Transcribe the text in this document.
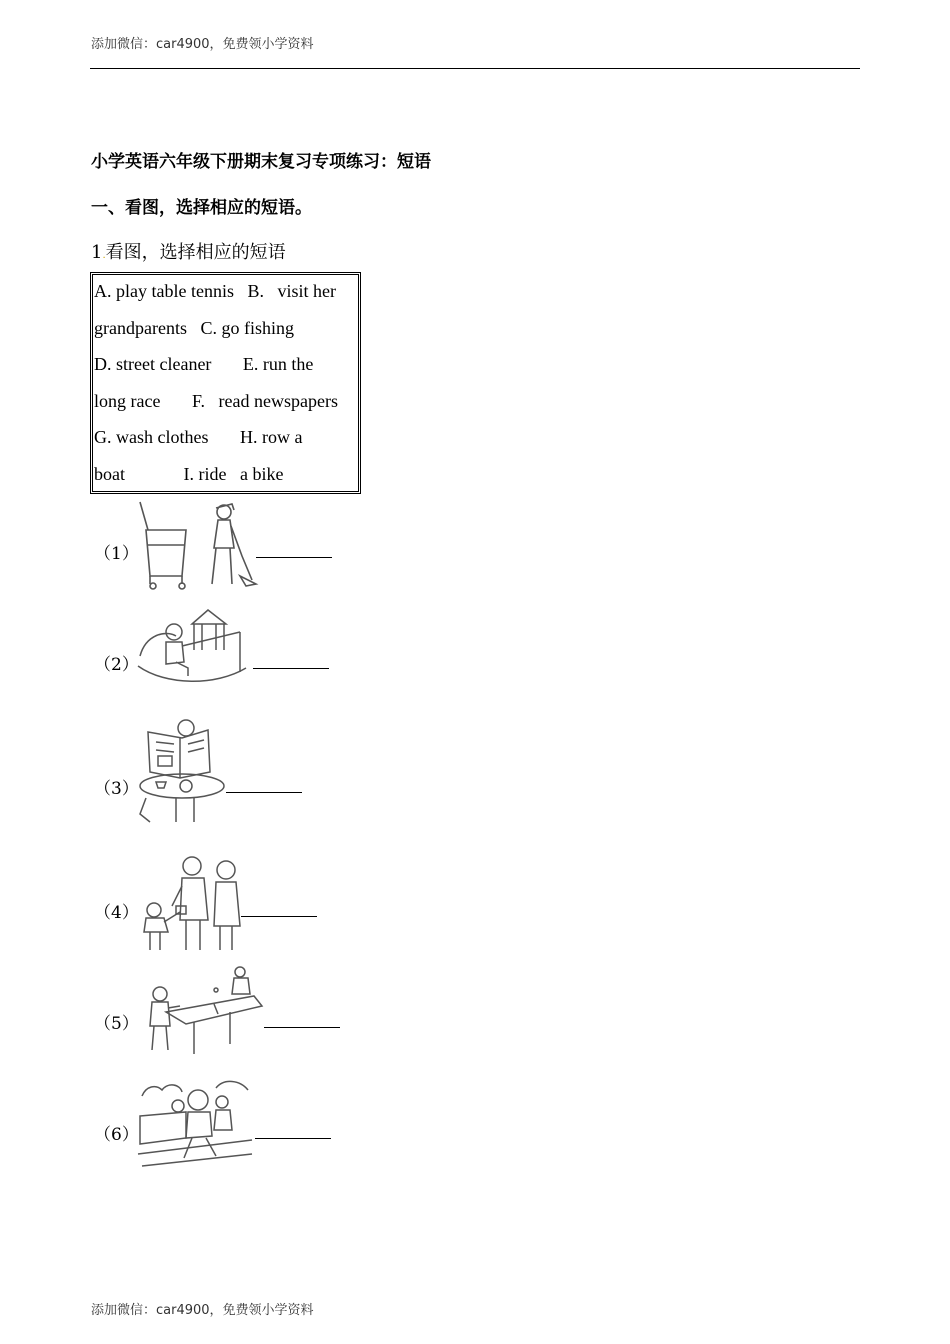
添加微信：car4900，免费领小学资料
小学英语六年级下册期末复习专项练习：短语
一、看图，选择相应的短语。
1.看图，选择相应的短语
A. play table tennis   B.   visit her
grandparents   C. go fishing
D. street cleaner       E. run the
long race       F.   read newspapers
G. wash clothes       H. row a
boat             I. ride   a bike
（1）
（2）
（3）
（4）
（5）
（6）
添加微信：car4900，免费领小学资料
